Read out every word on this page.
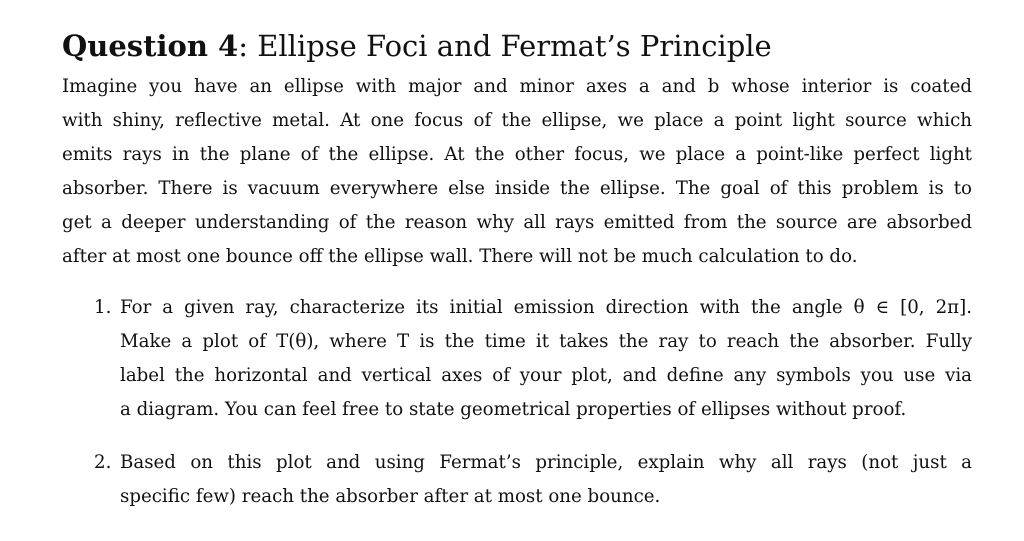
Question 4: Ellipse Foci and Fermat’s Principle

Imagine you have an ellipse with major and minor axes a and b whose interior is coated
with shiny, reflective metal. At one focus of the ellipse, we place a point light source which
emits rays in the plane of the ellipse. At the other focus, we place a point-like perfect light
absorber. There is vacuum everywhere else inside the ellipse. The goal of this problem is to
get a deeper understanding of the reason why all rays emitted from the source are absorbed
after at most one bounce off the ellipse wall. There will not be much calculation to do.

1. For a given ray, characterize its initial emission direction with the angle θ ∈ [0, 2π].
Make a plot of T(θ), where T is the time it takes the ray to reach the absorber. Fully
label the horizontal and vertical axes of your plot, and define any symbols you use via
a diagram. You can feel free to state geometrical properties of ellipses without proof.
2. Based on this plot and using Fermat’s principle, explain why all rays (not just a
specific few) reach the absorber after at most one bounce.
